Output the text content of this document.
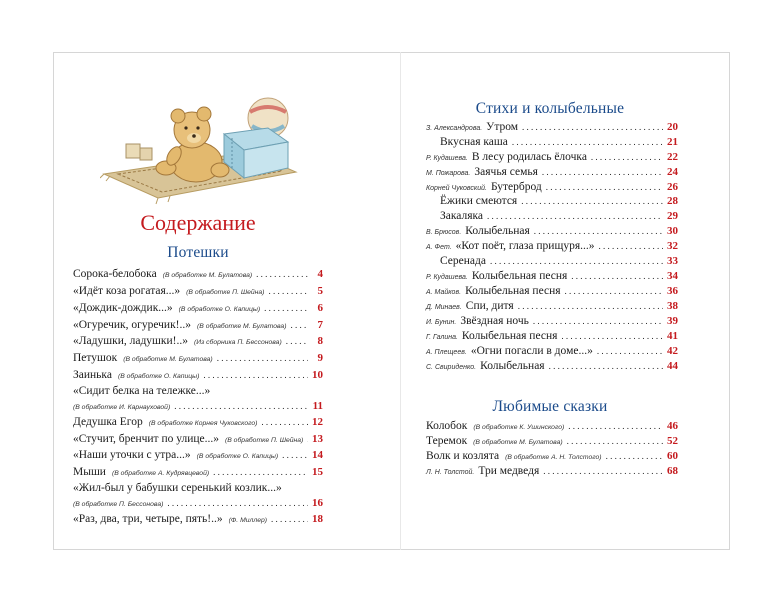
Содержание
Потешки
Сорока-белобока (В обработке М. Булатова) . . .	4
«Идёт коза рогатая...» (В обработке П. Шейна) . . .	5
«Дождик-дождик...» (В обработке О. Капицы) . . .	6
«Огуречик, огуречик!..» (В обработке М. Булатова) . . .	7
«Ладушки, ладушки!..» (Из сборника П. Бессонова) . . .	8
Петушок (В обработке М. Булатова) . . .	9
Заинька (В обработке О. Капицы) . . .	10
«Сидит белка на тележке...»
(В обработке И. Карнауховой) . . .	11
Дедушка Егор (В обработке Корнея Чуковского) . . .	12
«Стучит, бренчит по улице...» (В обработке П. Шейна) . . . 13
«Наши уточки с утра...» (В обработке О. Капицы) . . .	14
Мыши (В обработке А. Кудрявцевой) . . .	15
«Жил-был у бабушки серенький козлик...»
(В обработке П. Бессонова) . . .	16
«Раз, два, три, четыре, пять!..» (Ф. Миллер) . . .	18
Стихи и колыбельные
З. Александрова. Утром . . .	20
Вкусная каша . . .	21
Р. Кудашева. В лесу родилась ёлочка . . .	22
М. Пожарова. Заячья семья . . .	24
Корней Чуковский. Бутерброд . . .	26
Ёжики смеются . . .	28
Закаляка . . .	29
В. Брюсов. Колыбельная . . .	30
А. Фет. «Кот поёт, глаза прищуря...» . . .	32
Серенада . . .	33
Р. Кудашева. Колыбельная песня . . .	34
А. Майков. Колыбельная песня . . .	36
Д. Минаев. Спи, дитя . . .	38
И. Бунин. Звёздная ночь . . .	39
Г. Галина. Колыбельная песня . . .	41
А. Плещеев. «Огни погасли в доме...» . . .	42
С. Свириденко. Колыбельная . . .	44
Любимые сказки
Колобок (В обработке К. Ушинского) . . .	46
Теремок (В обработке М. Булатова) . . .	52
Волк и козлята (В обработке А. Н. Толстого) . . .	60
Л. Н. Толстой. Три медведя . . .	68
